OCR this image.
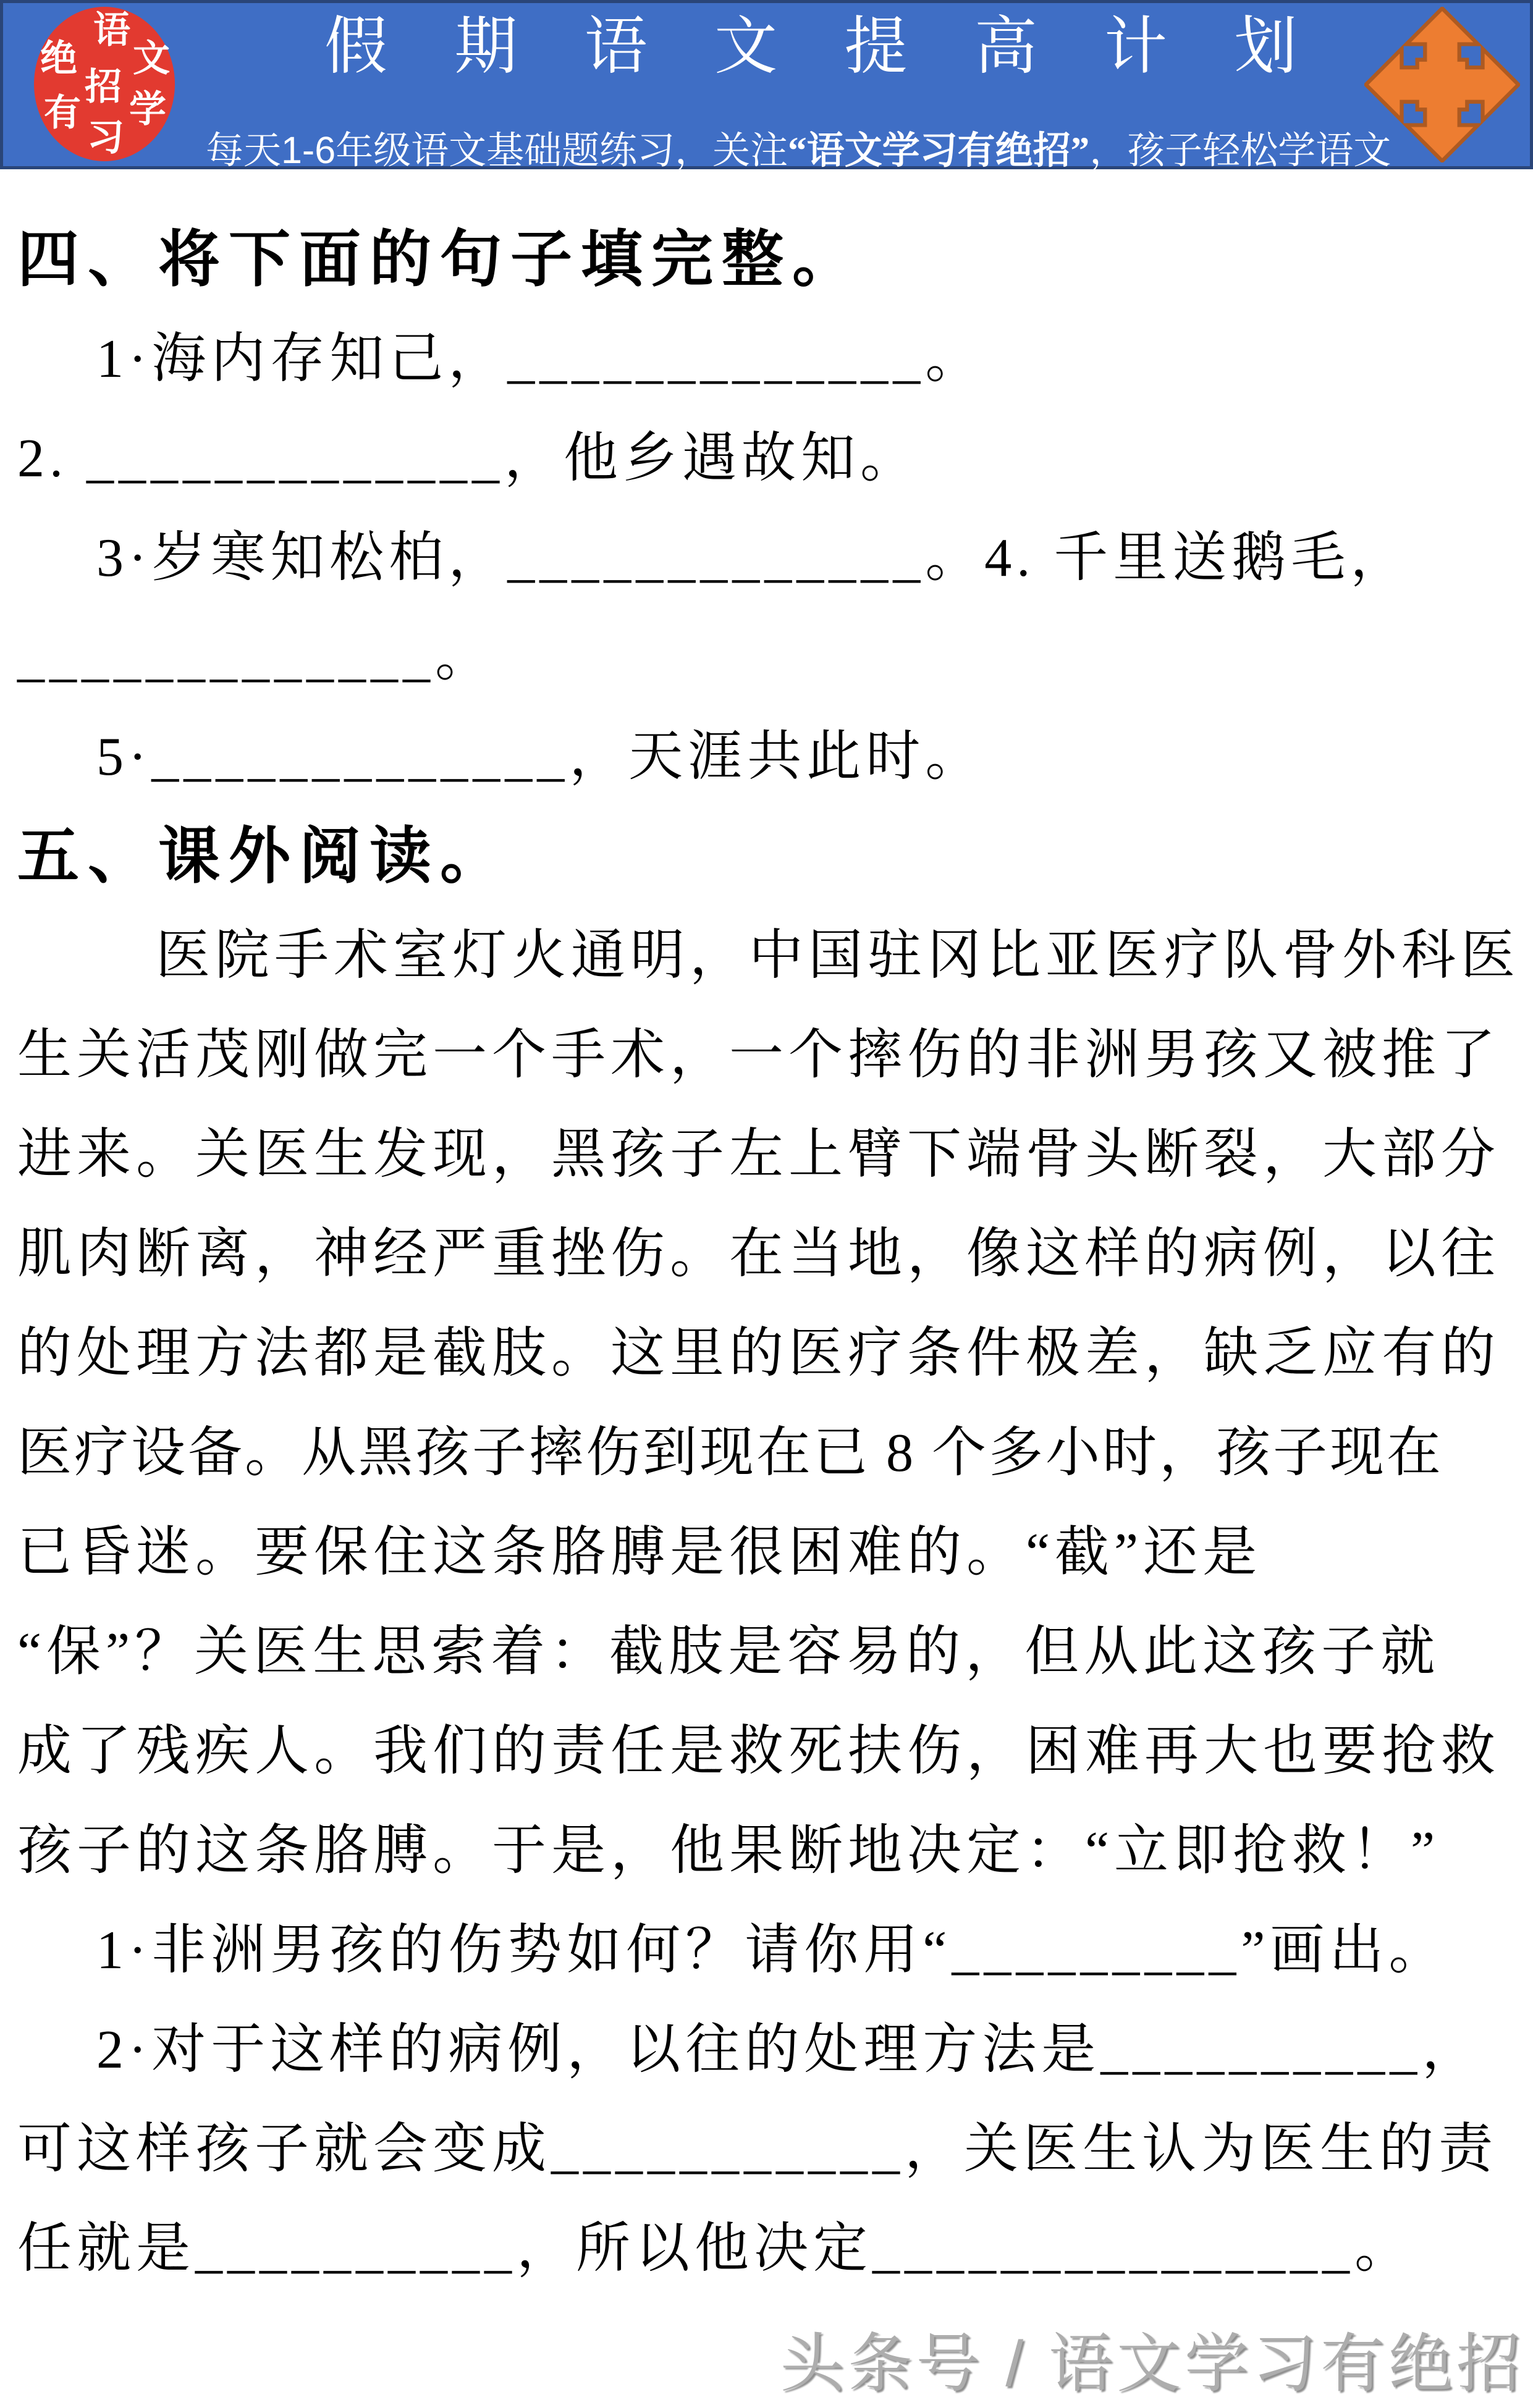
语
文
绝
招
有 学
习
假 期 语 文 提 高 计 划
每天1-6年级语文基础题练习，关注“语文学习有绝招”，孩子轻松学语文
四、将下面的句子填完整。
1·海内存知己，_____________。
2. _____________，他乡遇故知。
3·岁寒知松柏，_____________。4. 千里送鹅毛，
_____________。
5·_____________，天涯共此时。
五、课外阅读。
医院手术室灯火通明，中国驻冈比亚医疗队骨外科医
生关活茂刚做完一个手术，一个摔伤的非洲男孩又被推了
进来。关医生发现，黑孩子左上臂下端骨头断裂，大部分
肌肉断离，神经严重挫伤。在当地，像这样的病例，以往
的处理方法都是截肢。这里的医疗条件极差，缺乏应有的
医疗设备。从黑孩子摔伤到现在已 8 个多小时，孩子现在
已昏迷。要保住这条胳膊是很困难的。“截”还是
“保”？关医生思索着：截肢是容易的，但从此这孩子就
成了残疾人。我们的责任是救死扶伤，困难再大也要抢救
孩子的这条胳膊。于是，他果断地决定：“立即抢救！”
1·非洲男孩的伤势如何？请你用“_________”画出。
2·对于这样的病例，以往的处理方法是__________，
可这样孩子就会变成___________，关医生认为医生的责
任就是__________，所以他决定_______________。
头条号 / 语文学习有绝招
